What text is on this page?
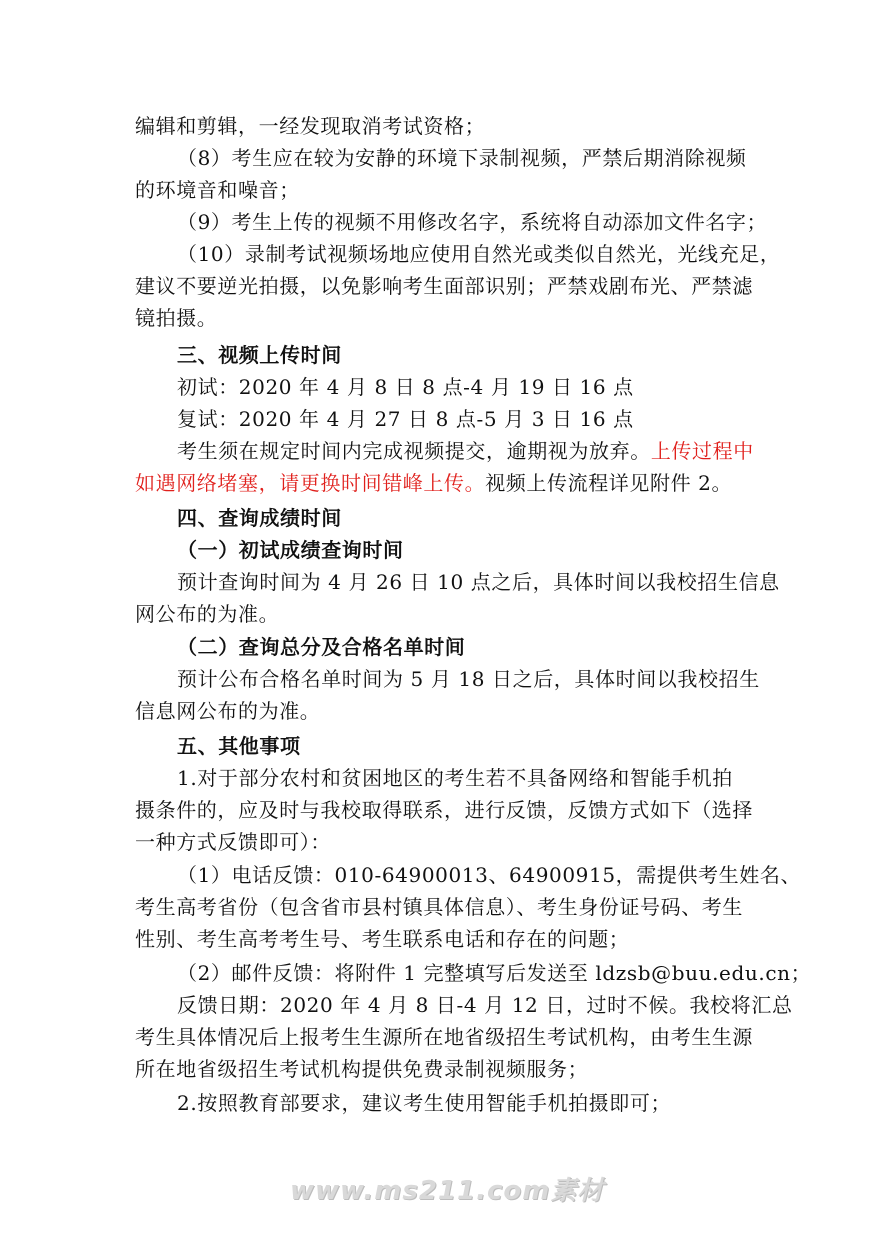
编辑和剪辑，一经发现取消考试资格；
（8）考生应在较为安静的环境下录制视频，严禁后期消除视频
的环境音和噪音；
（9）考生上传的视频不用修改名字，系统将自动添加文件名字；
（10）录制考试视频场地应使用自然光或类似自然光，光线充足，
建议不要逆光拍摄，以免影响考生面部识别；严禁戏剧布光、严禁滤
镜拍摄。
三、视频上传时间
初试：2020 年 4 月 8 日 8 点-4 月 19 日 16 点
复试：2020 年 4 月 27 日 8 点-5 月 3 日 16 点
考生须在规定时间内完成视频提交，逾期视为放弃。上传过程中
如遇网络堵塞，请更换时间错峰上传。视频上传流程详见附件 2。
四、查询成绩时间
（一）初试成绩查询时间
预计查询时间为 4 月 26 日 10 点之后，具体时间以我校招生信息
网公布的为准。
（二）查询总分及合格名单时间
预计公布合格名单时间为 5 月 18 日之后，具体时间以我校招生
信息网公布的为准。
五、其他事项
1.对于部分农村和贫困地区的考生若不具备网络和智能手机拍
摄条件的，应及时与我校取得联系，进行反馈，反馈方式如下（选择
一种方式反馈即可）：
（1）电话反馈：010-64900013、64900915，需提供考生姓名、
考生高考省份（包含省市县村镇具体信息）、考生身份证号码、考生
性别、考生高考考生号、考生联系电话和存在的问题；
（2）邮件反馈：将附件 1 完整填写后发送至 ldzsb@buu.edu.cn；
反馈日期：2020 年 4 月 8 日-4 月 12 日，过时不候。我校将汇总
考生具体情况后上报考生生源所在地省级招生考试机构，由考生生源
所在地省级招生考试机构提供免费录制视频服务；
2.按照教育部要求，建议考生使用智能手机拍摄即可；
www.ms211.com素材
